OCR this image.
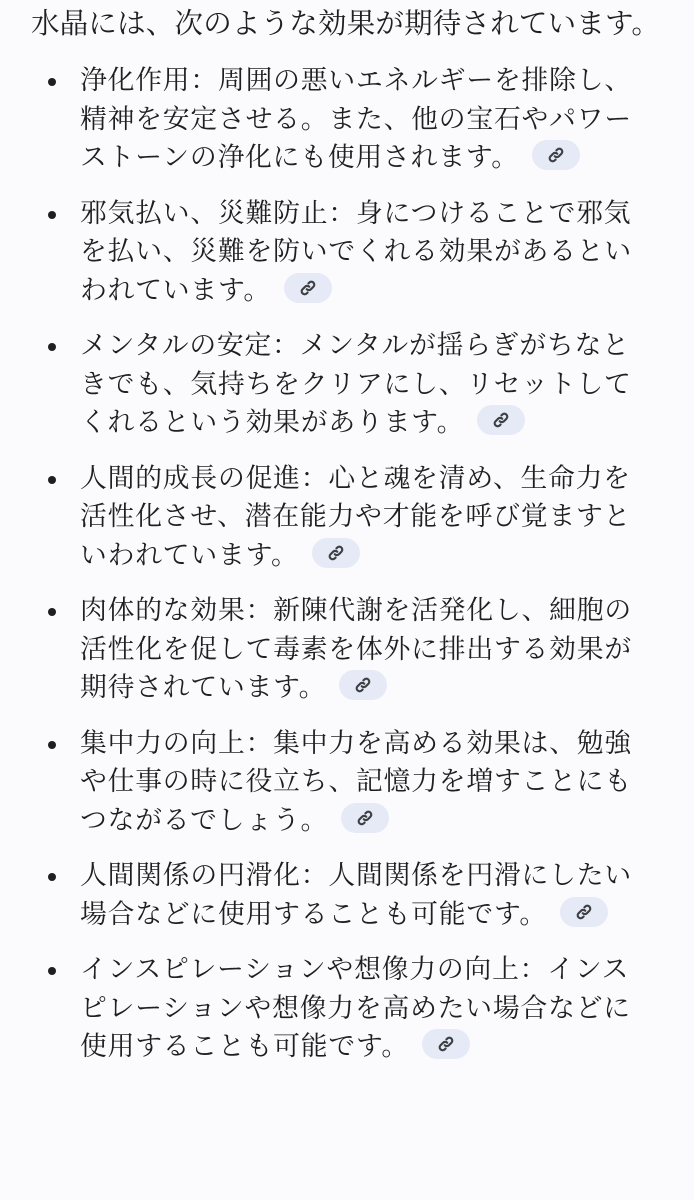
水晶には、次のような効果が期待されています。

浄化作用：周囲の悪いエネルギーを排除し、精神を安定させる。また、他の宝石やパワーストーンの浄化にも使用されます。
邪気払い、災難防止：身につけることで邪気を払い、災難を防いでくれる効果があるといわれています。
メンタルの安定：メンタルが揺らぎがちなときでも、気持ちをクリアにし、リセットしてくれるという効果があります。
人間的成長の促進：心と魂を清め、生命力を活性化させ、潜在能力や才能を呼び覚ますといわれています。
肉体的な効果：新陳代謝を活発化し、細胞の活性化を促して毒素を体外に排出する効果が期待されています。
集中力の向上：集中力を高める効果は、勉強や仕事の時に役立ち、記憶力を増すことにもつながるでしょう。
人間関係の円滑化：人間関係を円滑にしたい場合などに使用することも可能です。
インスピレーションや想像力の向上：インスピレーションや想像力を高めたい場合などに使用することも可能です。
